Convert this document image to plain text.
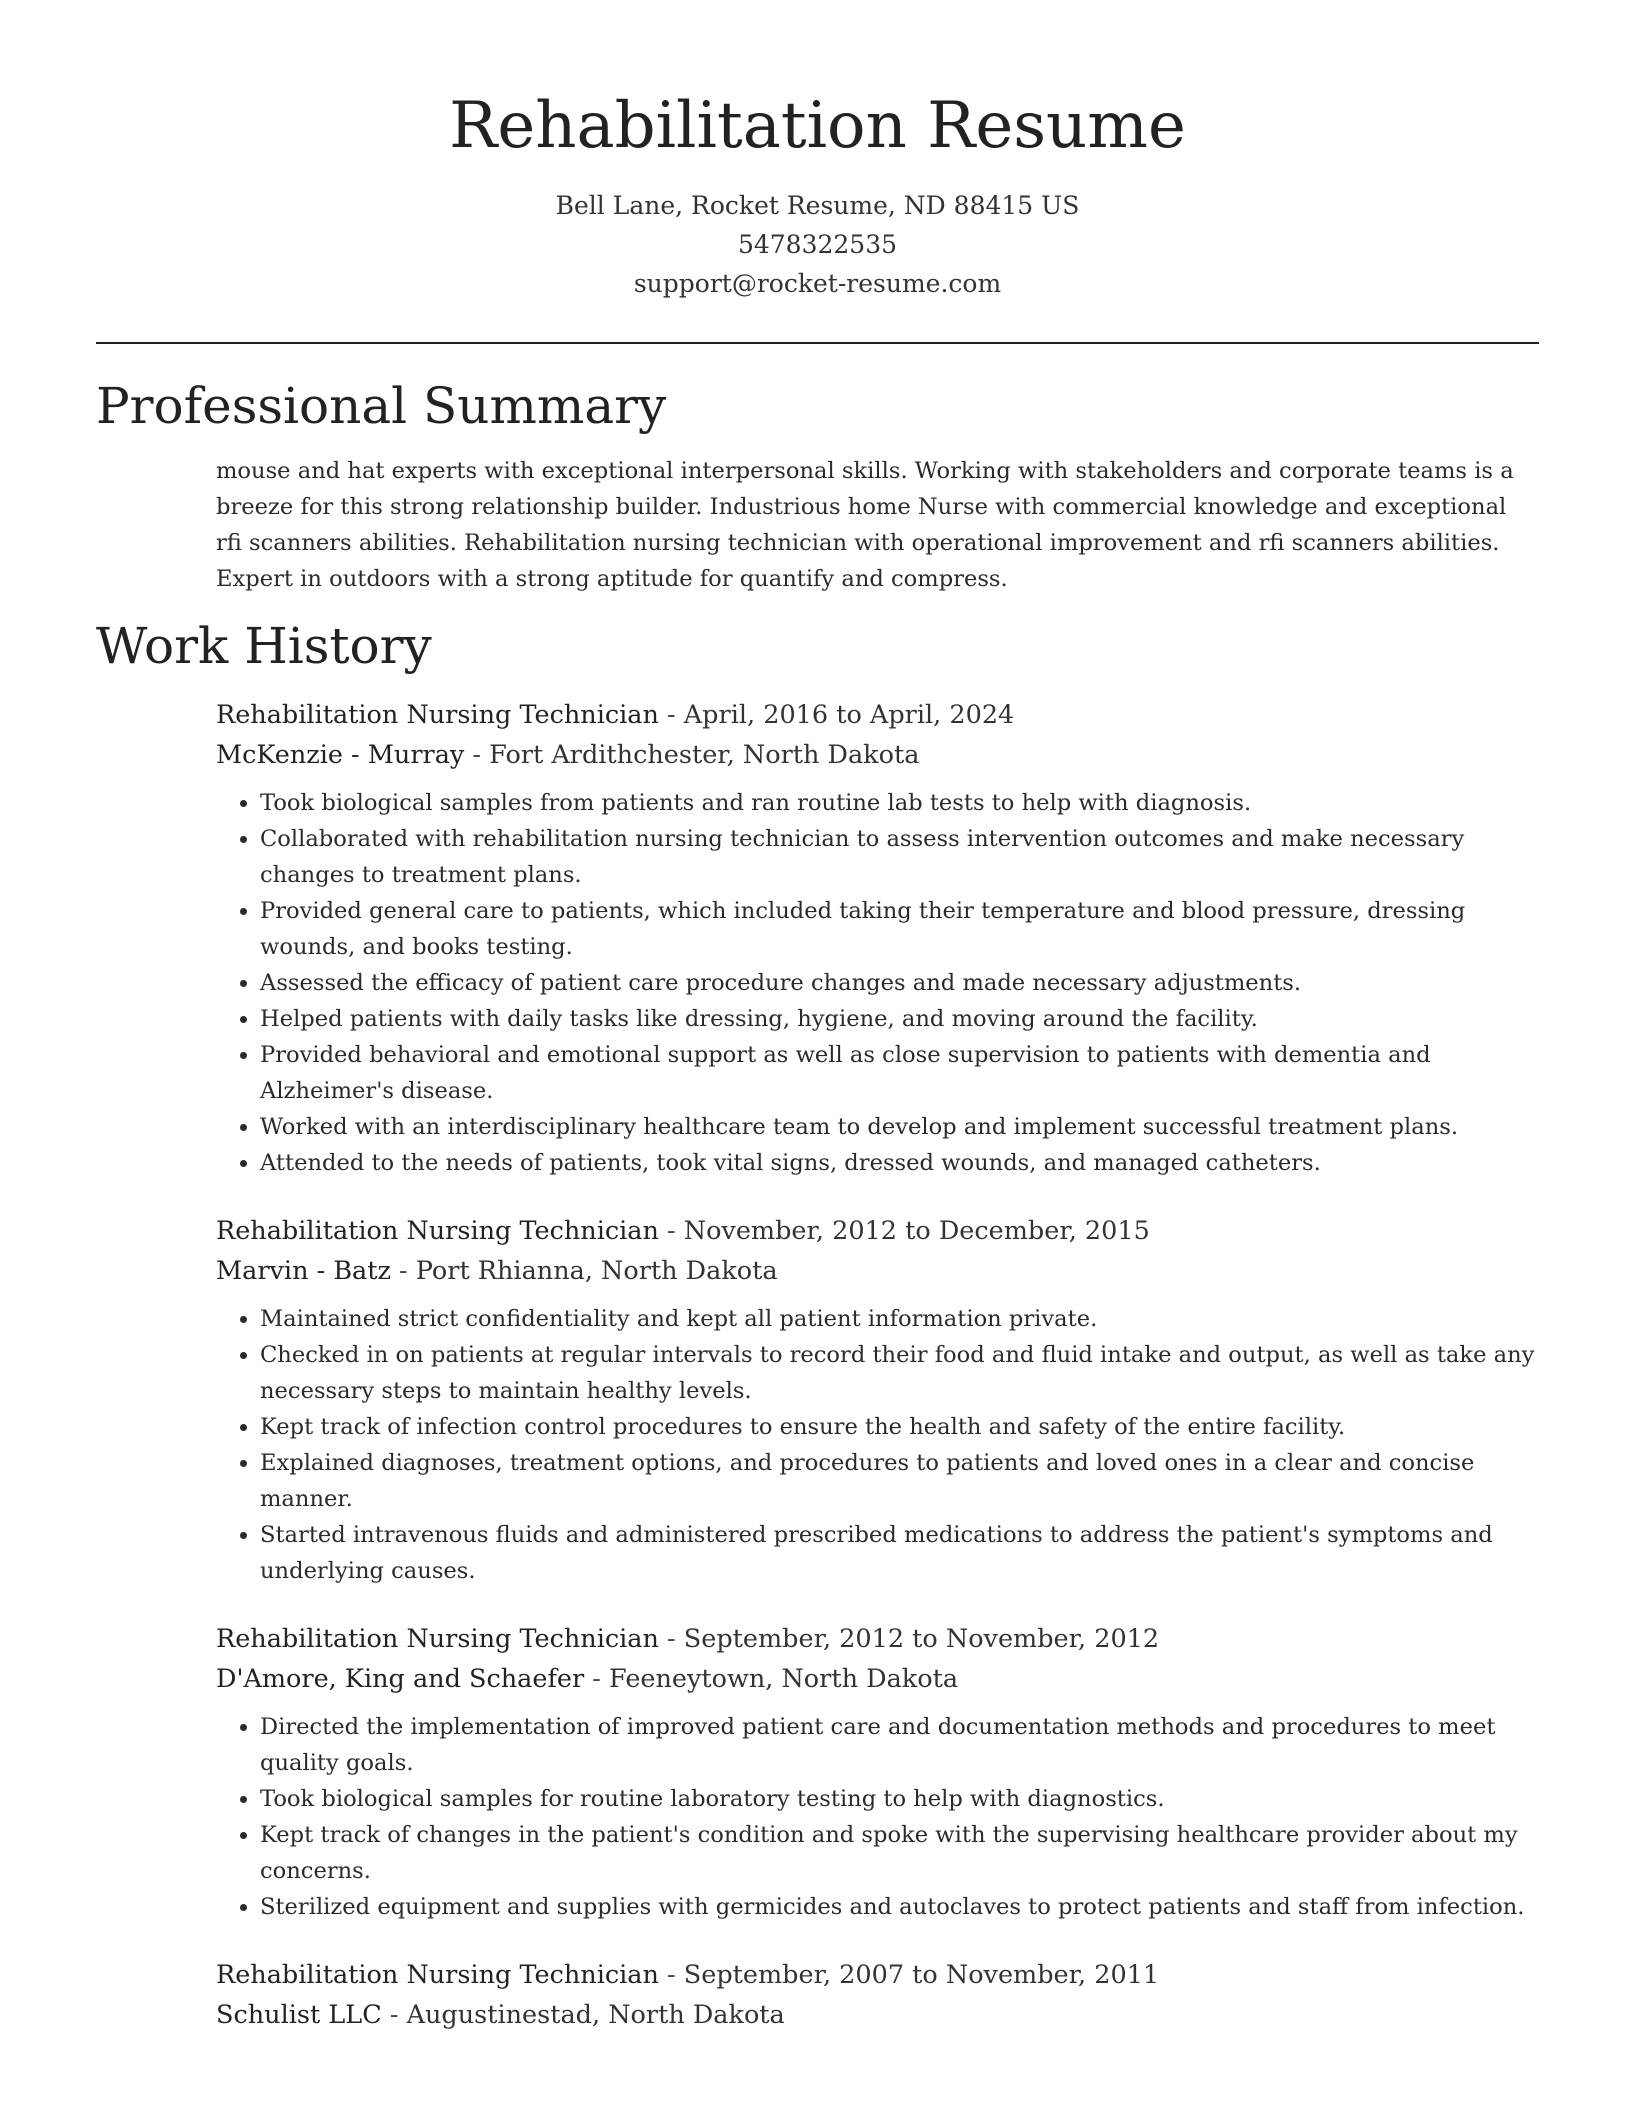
Rehabilitation Resume
Bell Lane, Rocket Resume, ND 88415 US
5478322535
support@rocket-resume.com
Professional Summary

mouse and hat experts with exceptional interpersonal skills. Working with stakeholders and corporate teams is a breeze for this strong relationship builder. Industrious home Nurse with commercial knowledge and exceptional rfi scanners abilities. Rehabilitation nursing technician with operational improvement and rfi scanners abilities. Expert in outdoors with a strong aptitude for quantify and compress.

Work History
Rehabilitation Nursing Technician - April, 2016 to April, 2024
McKenzie - Murray - Fort Ardithchester, North Dakota
• Took biological samples from patients and ran routine lab tests to help with diagnosis.
• Collaborated with rehabilitation nursing technician to assess intervention outcomes and make necessary changes to treatment plans.
• Provided general care to patients, which included taking their temperature and blood pressure, dressing wounds, and books testing.
• Assessed the efficacy of patient care procedure changes and made necessary adjustments.
• Helped patients with daily tasks like dressing, hygiene, and moving around the facility.
• Provided behavioral and emotional support as well as close supervision to patients with dementia and Alzheimer's disease.
• Worked with an interdisciplinary healthcare team to develop and implement successful treatment plans.
• Attended to the needs of patients, took vital signs, dressed wounds, and managed catheters.
Rehabilitation Nursing Technician - November, 2012 to December, 2015
Marvin - Batz - Port Rhianna, North Dakota
• Maintained strict confidentiality and kept all patient information private.
• Checked in on patients at regular intervals to record their food and fluid intake and output, as well as take any necessary steps to maintain healthy levels.
• Kept track of infection control procedures to ensure the health and safety of the entire facility.
• Explained diagnoses, treatment options, and procedures to patients and loved ones in a clear and concise manner.
• Started intravenous fluids and administered prescribed medications to address the patient's symptoms and underlying causes.
Rehabilitation Nursing Technician - September, 2012 to November, 2012
D'Amore, King and Schaefer - Feeneytown, North Dakota
• Directed the implementation of improved patient care and documentation methods and procedures to meet quality goals.
• Took biological samples for routine laboratory testing to help with diagnostics.
• Kept track of changes in the patient's condition and spoke with the supervising healthcare provider about my concerns.
• Sterilized equipment and supplies with germicides and autoclaves to protect patients and staff from infection.
Rehabilitation Nursing Technician - September, 2007 to November, 2011
Schulist LLC - Augustinestad, North Dakota
